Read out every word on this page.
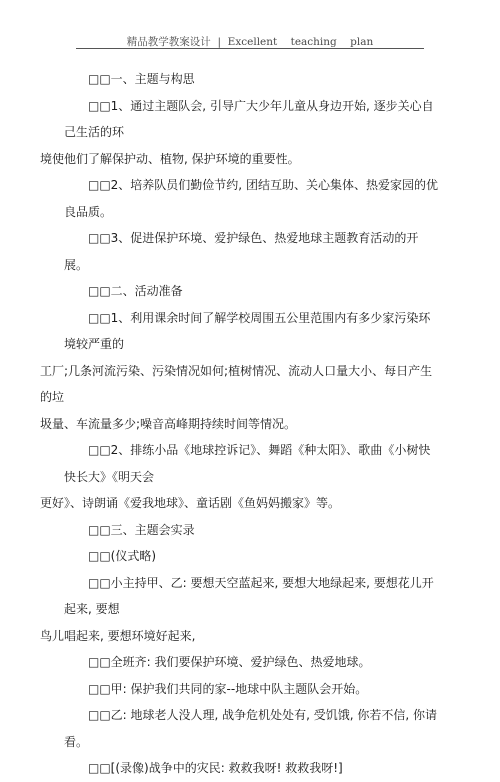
精品教学教案设计  |  Excellent    teaching    plan

□□一、主题与构思

□□1、通过主题队会, 引导广大少年儿童从身边开始, 逐步关心自己生活的环
境使他们了解保护动、植物, 保护环境的重要性。

□□2、培养队员们勤俭节约, 团结互助、关心集体、热爱家园的优良品质。

□□3、促进保护环境、爱护绿色、热爱地球主题教育活动的开展。

□□二、活动准备

□□1、利用课余时间了解学校周围五公里范围内有多少家污染环境较严重的
工厂;几条河流污染、污染情况如何;植树情况、流动人口量大小、每日产生的垃
圾量、车流量多少;噪音高峰期持续时间等情况。

□□2、排练小品《地球控诉记》、舞蹈《种太阳》、歌曲《小树快快长大》《明天会
更好》、诗朗诵《爱我地球》、童话剧《鱼妈妈搬家》等。

□□三、主题会实录

□□(仪式略)

□□小主持甲、乙: 要想天空蓝起来, 要想大地绿起来, 要想花儿开起来, 要想
鸟儿唱起来, 要想环境好起来,

□□全班齐: 我们要保护环境、爱护绿色、热爱地球。

□□甲: 保护我们共同的家--地球中队主题队会开始。

□□乙: 地球老人没人理, 战争危机处处有, 受饥饿, 你若不信, 你请看。

□□[(录像)战争中的灾民: 救救我呀! 救救我呀!]
